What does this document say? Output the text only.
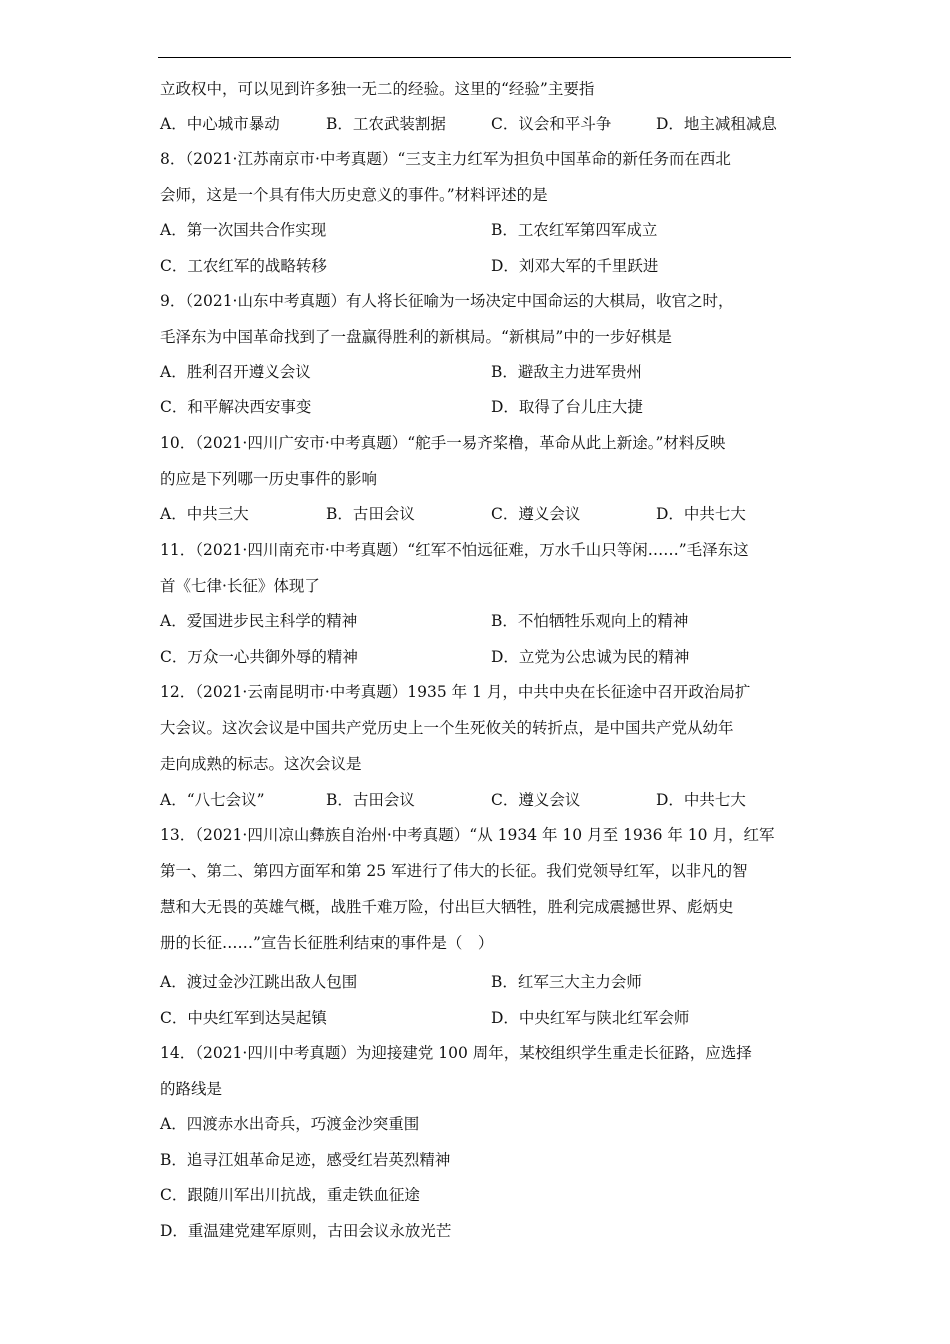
立政权中，可以见到许多独一无二的经验。这里的“经验”主要指
A．中心城市暴动	B．工农武装割据	C．议会和平斗争	D．地主减租减息
8．（2021·江苏南京市·中考真题）“三支主力红军为担负中国革命的新任务而在西北
会师，这是一个具有伟大历史意义的事件。”材料评述的是
A．第一次国共合作实现	B．工农红军第四军成立
C．工农红军的战略转移	D．刘邓大军的千里跃进
9．（2021·山东中考真题）有人将长征喻为一场决定中国命运的大棋局，收官之时，
毛泽东为中国革命找到了一盘赢得胜利的新棋局。“新棋局”中的一步好棋是
A．胜利召开遵义会议	B．避敌主力进军贵州
C．和平解决西安事变	D．取得了台儿庄大捷
10．（2021·四川广安市·中考真题）“舵手一易齐桨橹，革命从此上新途。”材料反映
的应是下列哪一历史事件的影响
A．中共三大	B．古田会议	C．遵义会议	D．中共七大
11．（2021·四川南充市·中考真题）“红军不怕远征难，万水千山只等闲……”毛泽东这
首《七律·长征》体现了
A．爱国进步民主科学的精神	B．不怕牺牲乐观向上的精神
C．万众一心共御外辱的精神	D．立党为公忠诚为民的精神
12．（2021·云南昆明市·中考真题）1935 年 1 月，中共中央在长征途中召开政治局扩
大会议。这次会议是中国共产党历史上一个生死攸关的转折点，是中国共产党从幼年
走向成熟的标志。这次会议是
A．“八七会议”	B．古田会议	C．遵义会议	D．中共七大
13．（2021·四川凉山彝族自治州·中考真题）“从 1934 年 10 月至 1936 年 10 月，红军
第一、第二、第四方面军和第 25 军进行了伟大的长征。我们党领导红军，以非凡的智
慧和大无畏的英雄气概，战胜千难万险，付出巨大牺牲，胜利完成震撼世界、彪炳史
册的长征……”宣告长征胜利结束的事件是（　）
A．渡过金沙江跳出敌人包围	B．红军三大主力会师
C．中央红军到达吴起镇	D．中央红军与陕北红军会师
14．（2021·四川中考真题）为迎接建党 100 周年，某校组织学生重走长征路，应选择
的路线是
A．四渡赤水出奇兵，巧渡金沙突重围
B．追寻江姐革命足迹，感受红岩英烈精神
C．跟随川军出川抗战，重走铁血征途
D．重温建党建军原则，古田会议永放光芒
